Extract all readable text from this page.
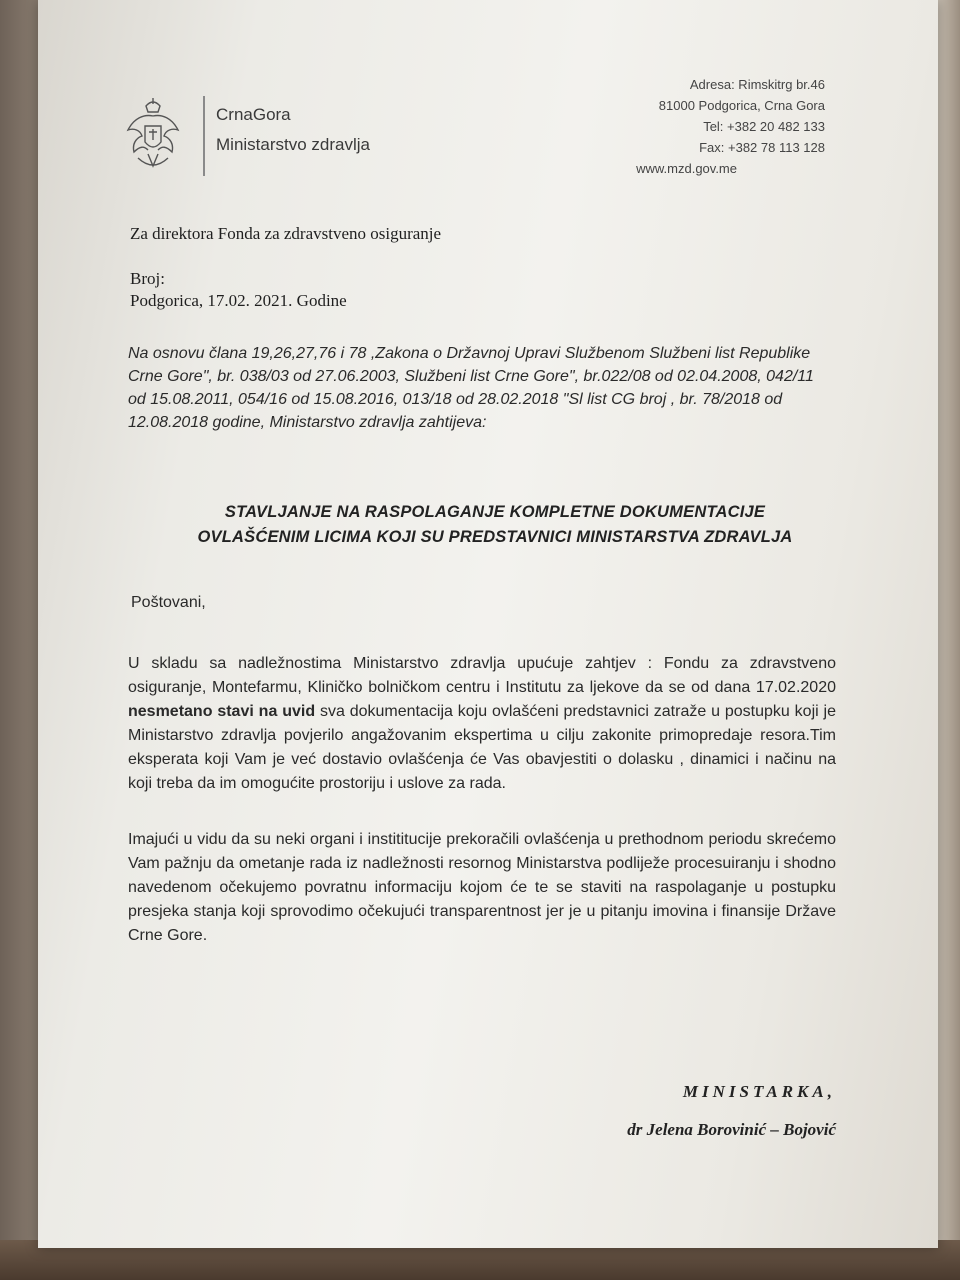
CrnaGora
Ministarstvo zdravlja
Adresa: Rimskitrg br.46
81000 Podgorica, Crna Gora
Tel: +382 20 482 133
Fax: +382 78 113 128
www.mzd.gov.me
Za direktora Fonda za zdravstveno osiguranje
Broj:
Podgorica, 17.02. 2021. Godine
Na osnovu člana 19,26,27,76 i 78 ,Zakona o Državnoj Upravi Službenom Službeni list Republike Crne Gore", br. 038/03 od 27.06.2003, Službeni list Crne Gore", br.022/08 od 02.04.2008, 042/11 od 15.08.2011, 054/16 od 15.08.2016, 013/18 od 28.02.2018 "Sl list CG broj , br. 78/2018 od 12.08.2018 godine, Ministarstvo zdravlja zahtijeva:
STAVLJANJE NA RASPOLAGANJE KOMPLETNE DOKUMENTACIJE
OVLAŠĆENIM LICIMA KOJI SU PREDSTAVNICI MINISTARSTVA ZDRAVLJA
Poštovani,
U skladu sa nadležnostima Ministarstvo zdravlja upućuje zahtjev : Fondu za zdravstveno osiguranje, Montefarmu, Kliničko bolničkom centru i Institutu za ljekove da se od dana 17.02.2020 nesmetano stavi na uvid sva dokumentacija koju ovlašćeni predstavnici zatraže u postupku koji je Ministarstvo zdravlja povjerilo angažovanim ekspertima u cilju zakonite primopredaje resora.Tim eksperata koji Vam je već dostavio ovlašćenja će Vas obavjestiti o dolasku , dinamici i načinu na koji treba da im omogućite prostoriju i uslove za rada.
Imajući u vidu da su neki organi i instititucije prekoračili ovlašćenja u prethodnom periodu skrećemo Vam pažnju da ometanje rada iz nadležnosti resornog Ministarstva podliježe procesuiranju i shodno navedenom očekujemo povratnu informaciju kojom će te se staviti na raspolaganje u postupku presjeka stanja koji sprovodimo očekujući transparentnost jer je u pitanju imovina i finansije Države Crne Gore.
MINISTARKA,
dr Jelena Borovinić – Bojović
